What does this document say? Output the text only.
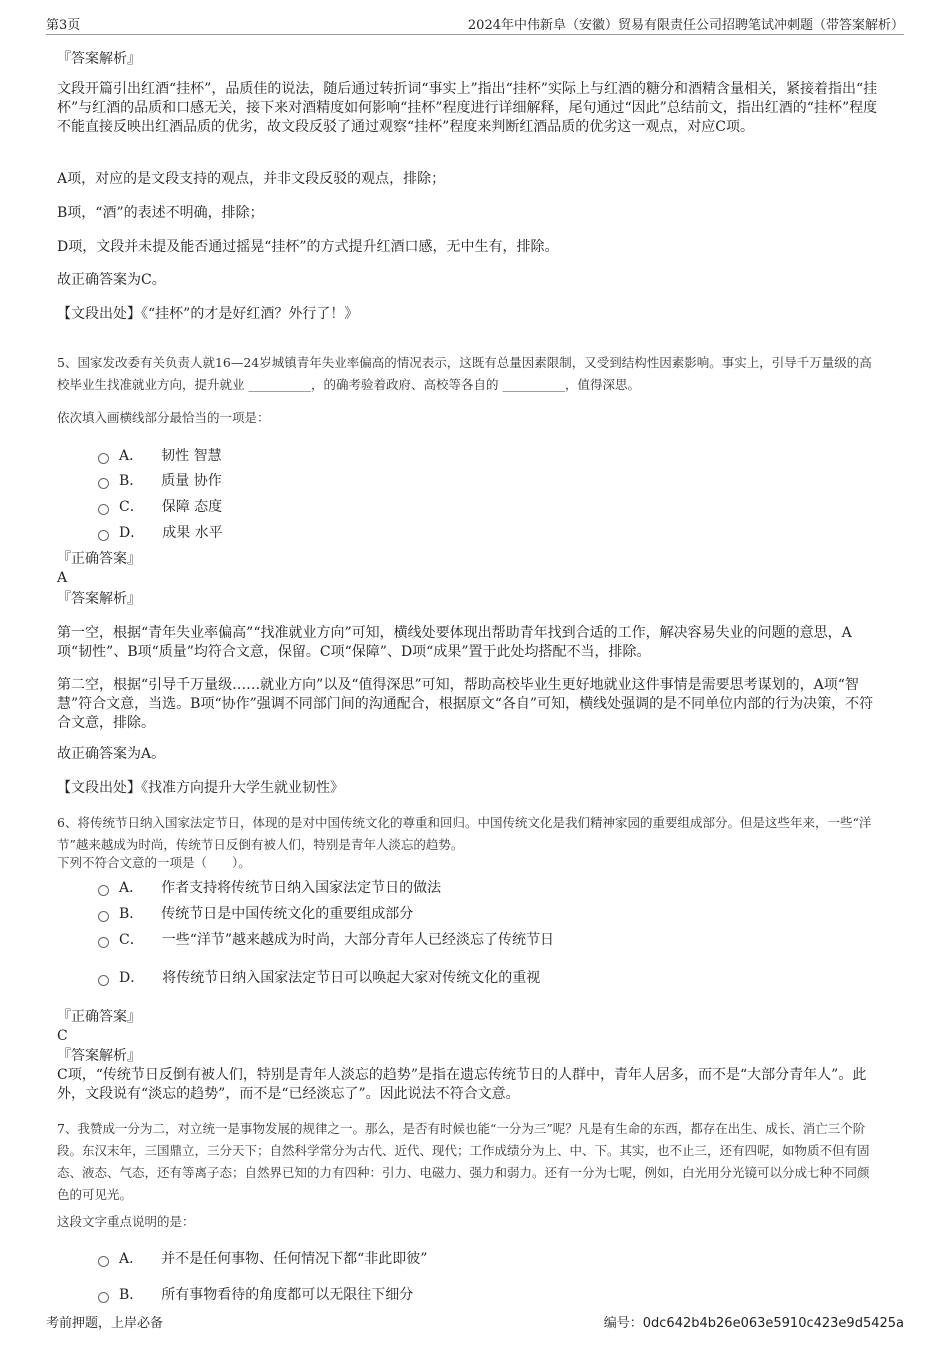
第3页	2024年中伟新阜（安徽）贸易有限责任公司招聘笔试冲刺题（带答案解析）
『答案解析』
文段开篇引出红酒“挂杯”，品质佳的说法，随后通过转折词“事实上”指出“挂杯”实际上与红酒的糖分和酒精含量相关，紧接着指出“挂杯”与红酒的品质和口感无关，接下来对酒精度如何影响“挂杯”程度进行详细解释，尾句通过“因此”总结前文，指出红酒的“挂杯”程度不能直接反映出红酒品质的优劣，故文段反驳了通过观察“挂杯”程度来判断红酒品质的优劣这一观点，对应C项。
A项，对应的是文段支持的观点，并非文段反驳的观点，排除；
B项，“酒”的表述不明确，排除；
D项，文段并未提及能否通过摇晃“挂杯”的方式提升红酒口感，无中生有，排除。
故正确答案为C。
【文段出处】《“挂杯”的才是好红酒？外行了！》
5、国家发改委有关负责人就16—24岁城镇青年失业率偏高的情况表示，这既有总量因素限制，又受到结构性因素影响。事实上，引导千万量级的高校毕业生找准就业方向，提升就业 __________，的确考验着政府、高校等各自的 __________，值得深思。
依次填入画横线部分最恰当的一项是：
A． 韧性 智慧
B． 质量 协作
C． 保障 态度
D． 成果 水平
『正确答案』
A
『答案解析』
第一空，根据“青年失业率偏高”“找准就业方向”可知，横线处要体现出帮助青年找到合适的工作，解决容易失业的问题的意思，A项“韧性”、B项“质量”均符合文意，保留。C项“保障”、D项“成果”置于此处均搭配不当，排除。
第二空，根据“引导千万量级……就业方向”以及“值得深思”可知，帮助高校毕业生更好地就业这件事情是需要思考谋划的，A项“智慧”符合文意，当选。B项“协作”强调不同部门间的沟通配合，根据原文“各自”可知，横线处强调的是不同单位内部的行为决策，不符合文意，排除。
故正确答案为A。
【文段出处】《找准方向提升大学生就业韧性》
6、将传统节日纳入国家法定节日，体现的是对中国传统文化的尊重和回归。中国传统文化是我们精神家园的重要组成部分。但是这些年来，一些“洋节”越来越成为时尚，传统节日反倒有被人们，特别是青年人淡忘的趋势。
下列不符合文意的一项是（　　）。
A． 作者支持将传统节日纳入国家法定节日的做法
B． 传统节日是中国传统文化的重要组成部分
C． 一些“洋节”越来越成为时尚，大部分青年人已经淡忘了传统节日
D． 将传统节日纳入国家法定节日可以唤起大家对传统文化的重视
『正确答案』
C
『答案解析』
C项，“传统节日反倒有被人们，特别是青年人淡忘的趋势”是指在遗忘传统节日的人群中，青年人居多，而不是“大部分青年人”。此外，文段说有“淡忘的趋势”，而不是“已经淡忘了”。因此说法不符合文意。
7、我赞成一分为二，对立统一是事物发展的规律之一。那么，是否有时候也能“一分为三”呢？凡是有生命的东西，都存在出生、成长、消亡三个阶段。东汉末年，三国鼎立，三分天下；自然科学常分为古代、近代、现代；工作成绩分为上、中、下。其实，也不止三，还有四呢，如物质不但有固态、液态、气态，还有等离子态；自然界已知的力有四种：引力、电磁力、强力和弱力。还有一分为七呢，例如，白光用分光镜可以分成七种不同颜色的可见光。
这段文字重点说明的是：
A． 并不是任何事物、任何情况下都“非此即彼”
B． 所有事物看待的角度都可以无限往下细分
考前押题，上岸必备	编号：0dc642b4b26e063e5910c423e9d5425a
